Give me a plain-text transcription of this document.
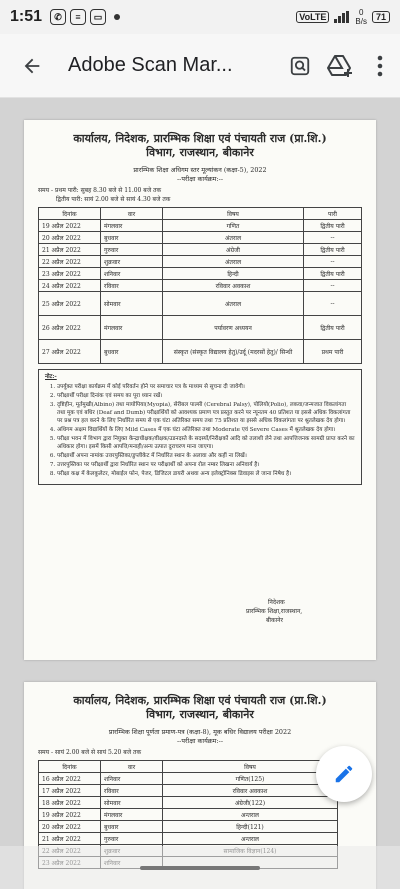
1:51	✆	≡	▭	VoLTE	0
B/s	71
Adobe Scan Mar...
कार्यालय, निदेशक, प्रारम्भिक शिक्षा एवं पंचायती राज (प्रा.शि.)
विभाग, राजस्थान, बीकानेर
प्रारम्भिक शिक्षा अधिगम स्तर मूल्यांकन (कक्षा-5), 2022
--परीक्षा कार्यक्रम:--
समय - प्रथम पारी: सुबह 8.30 बजे से 11.00 बजे तक
द्वितीय पारी: सायं 2.00 बजे से सायं 4.30 बजे तक
दिनांक	वार	विषय	पारी
19 अप्रैल 2022	मंगलवार	गणित	द्वितीय पारी
20 अप्रैल 2022	बुधवार	अंतराल	--
21 अप्रैल 2022	गुरुवार	अंग्रेजी	द्वितीय पारी
22 अप्रैल 2022	शुक्रवार	अंतराल	--
23 अप्रैल 2022	शनिवार	हिन्दी	द्वितीय पारी
24 अप्रैल 2022	रविवार	रविवार अवकाश	--
25 अप्रैल 2022	सोमवार	अंतराल	--
26 अप्रैल 2022	मंगलवार	पर्यावरण अध्ययन	द्वितीय पारी
27 अप्रैल 2022	बुधवार	संस्कृत (संस्कृत विद्यालय हेतु)/उर्दू (मदरसों हेतु)/ सिन्धी	प्रथम पारी
नोट:-
1. उपर्युक्त परीक्षा कार्यक्रम में कोई परिवर्तन होने पर समाचार पत्र के माध्यम से सूचना दी जावेगी।
2. परीक्षार्थी परीक्षा दिनांक एवं समय का पूरा ध्यान रखें।
3. दृष्टिहीन, मूर्तमुखी(Albino) तथा मायोपिया(Myopia), सेरीबल पाल्सी (Cerebral Palsy), पोलियो(Polio), लकवा/जन्मजात विकलांगता तथा मूक एवं बधिर (Deaf and Dumb) परीक्षार्थियों को आवश्यक प्रमाण पत्र प्रस्तुत करने पर न्यूनतम 40 प्रतिशत या इससे अधिक विकलांगता पर प्रश्न पत्र हल करने के लिए निर्धारित समय से एक घंटा अतिरिक्त समय तथा 75 प्रतिशत या इससे अधिक विकलांगता पर श्रुतलेखक देय होगा।
4. अधिगम अक्षम विद्यार्थियों के लिए Mild Cases में एक घंटा अतिरिक्त तथा Moderate एवं Severe Cases में श्रुतलेखक देय होगा।
5. परीक्षा भवन में विभाग द्वारा नियुक्त केन्द्राधीक्षक/वीक्षक/उडनदस्ते के सदस्यों/निरीक्षकों आदि को तलाशी लेने तथा आपत्तिजनक सामग्री प्राप्त करने का अधिकार होगा। इसमें किसी आपत्ति/मनाही/अन्य उत्पात दुराचरण माना जाएगा।
6. परीक्षार्थी अपना नामांक उत्तरपुस्तिका/डुप्लीकेट में निर्धारित स्थान के अलावा और कहीं ना लिखें।
7. उत्तरपुस्तिका पर परीक्षार्थी द्वारा निर्धारित स्थान पर परीक्षार्थी को अपना रोल नम्बर लिखना अनिवार्य है।
8. परीक्षा कक्ष में केलकुलेटर, मोबाईल फोन, पेजर, डिजिटल डायरी अथवा अन्य इलेक्ट्रोनिक्स डिवाइस ले जाना निषेध है।
निदेशक
प्रारम्भिक शिक्षा,राजस्थान,
बीकानेर
कार्यालय, निदेशक, प्रारम्भिक शिक्षा एवं पंचायती राज (प्रा.शि.)
विभाग, राजस्थान, बीकानेर
प्रारम्भिक शिक्षा पूर्णता प्रमाण-पत्र (कक्षा-8), मूक बधिर विद्यालय परीक्षा 2022
--परीक्षा कार्यक्रम:--
समय - सायं 2.00 बजे से सायं 5.20 बजे तक
दिनांक	वार	विषय
16 अप्रैल 2022	शनिवार	गणित(125)
17 अप्रैल 2022	रविवार	रविवार अवकाश
18 अप्रैल 2022	सोमवार	अंग्रेजी(122)
19 अप्रैल 2022	मंगलवार	अन्तराल
20 अप्रैल 2022	बुधवार	हिन्दी(121)
21 अप्रैल 2022	गुरुवार	अन्तराल
